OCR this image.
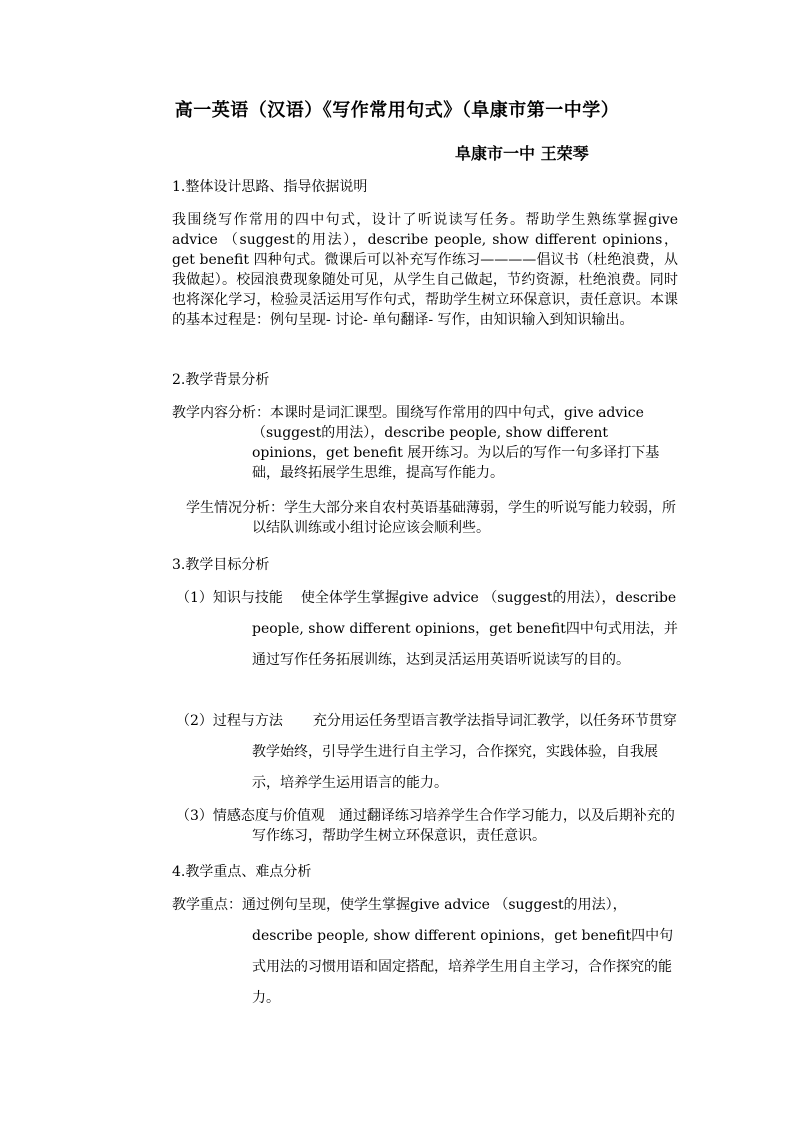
高一英语（汉语）《写作常用句式》（阜康市第一中学）
阜康市一中 王荣琴
1.整体设计思路、指导依据说明
我围绕写作常用的四中句式，设计了听说读写任务。帮助学生熟练掌握give advice （suggest的用法），describe people, show different opinions，get benefit 四种句式。微课后可以补充写作练习————倡议书（杜绝浪费，从我做起）。校园浪费现象随处可见，从学生自己做起，节约资源，杜绝浪费。同时也将深化学习，检验灵活运用写作句式，帮助学生树立环保意识，责任意识。本课的基本过程是：例句呈现- 讨论- 单句翻译- 写作，由知识输入到知识输出。
2.教学背景分析
教学内容分析：本课时是词汇课型。围绕写作常用的四中句式，give advice （suggest的用法），describe people, show different opinions，get benefit 展开练习。为以后的写作一句多译打下基础，最终拓展学生思维，提高写作能力。
学生情况分析：学生大部分来自农村英语基础薄弱，学生的听说写能力较弱，所以结队训练或小组讨论应该会顺利些。
3.教学目标分析
（1）知识与技能 使全体学生掌握give advice （suggest的用法），describe people, show different opinions，get benefit四中句式用法，并通过写作任务拓展训练，达到灵活运用英语听说读写的目的。
（2）过程与方法 充分用运任务型语言教学法指导词汇教学，以任务环节贯穿教学始终，引导学生进行自主学习，合作探究，实践体验，自我展示，培养学生运用语言的能力。
（3）情感态度与价值观 通过翻译练习培养学生合作学习能力，以及后期补充的写作练习，帮助学生树立环保意识，责任意识。
4.教学重点、难点分析
教学重点：通过例句呈现，使学生掌握give advice （suggest的用法），describe people, show different opinions，get benefit四中句式用法的习惯用语和固定搭配，培养学生用自主学习，合作探究的能力。
